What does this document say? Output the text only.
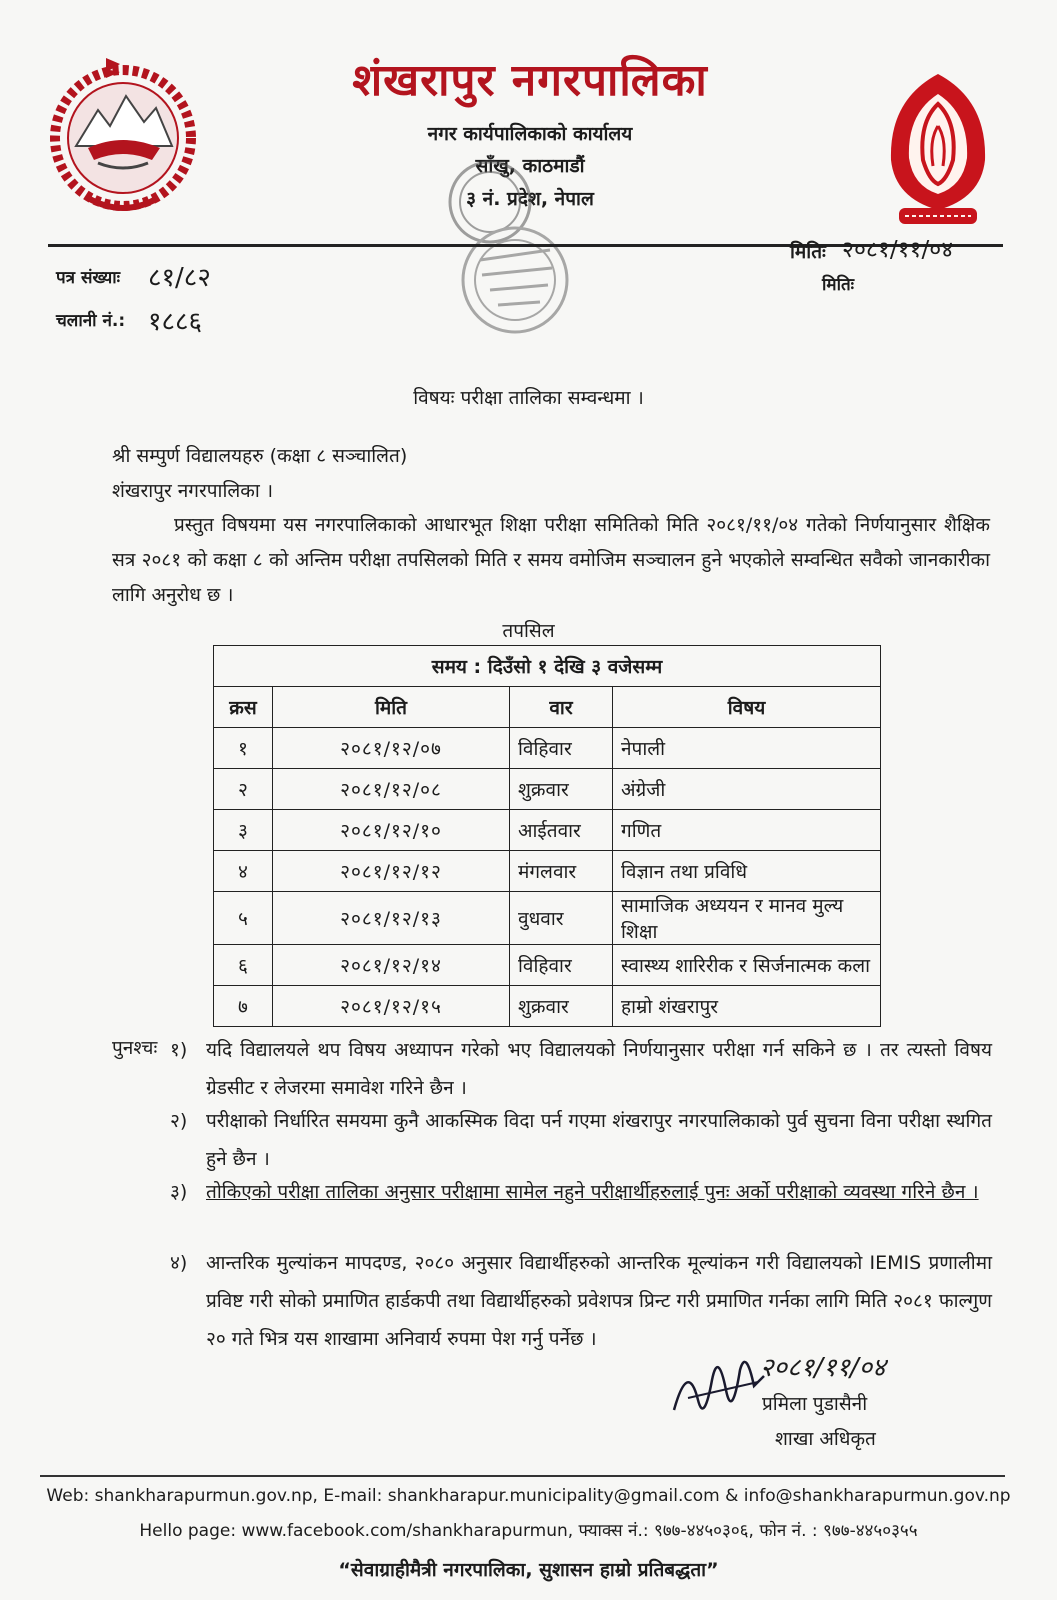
शंखरापुर नगरपालिका
नगर कार्यपालिकाको कार्यालय
साँखु, काठमाडौं
३ नं. प्रदेश, नेपाल
मितिः २०८१/११/०४
मितिः
पत्र संख्याः ८१/८२
चलानी नं.: १८८६
विषयः परीक्षा तालिका सम्वन्धमा ।
श्री सम्पुर्ण विद्यालयहरु (कक्षा ८ सञ्चालित)
शंखरापुर नगरपालिका ।
प्रस्तुत विषयमा यस नगरपालिकाको आधारभूत शिक्षा परीक्षा समितिको मिति २०८१/११/०४ गतेको निर्णयानुसार शैक्षिक सत्र २०८१ को कक्षा ८ को अन्तिम परीक्षा तपसिलको मिति र समय वमोजिम सञ्चालन हुने भएकोले सम्वन्धित सवैको जानकारीका लागि अनुरोध छ ।
तपसिल
समय : दिउँसो १ देखि ३ वजेसम्म			
क्रस	मिति	वार	विषय
१	२०८१/१२/०७	विहिवार	नेपाली
२	२०८१/१२/०८	शुक्रवार	अंग्रेजी
३	२०८१/१२/१०	आईतवार	गणित
४	२०८१/१२/१२	मंगलवार	विज्ञान तथा प्रविधि
५	२०८१/१२/१३	वुधवार	सामाजिक अध्ययन र मानव मुल्य शिक्षा
६	२०८१/१२/१४	विहिवार	स्वास्थ्य शारिरीक र सिर्जनात्मक कला
७	२०८१/१२/१५	शुक्रवार	हाम्रो शंखरापुर
पुनश्चः १) यदि विद्यालयले थप विषय अध्यापन गरेको भए विद्यालयको निर्णयानुसार परीक्षा गर्न सकिने छ । तर त्यस्तो विषय ग्रेडसीट र लेजरमा समावेश गरिने छैन ।
२) परीक्षाको निर्धारित समयमा कुनै आकस्मिक विदा पर्न गएमा शंखरापुर नगरपालिकाको पुर्व सुचना विना परीक्षा स्थगित हुने छैन ।
३) तोकिएको परीक्षा तालिका अनुसार परीक्षामा सामेल नहुने परीक्षार्थीहरुलाई पुनः अर्को परीक्षाको व्यवस्था गरिने छैन ।
४) आन्तरिक मुल्यांकन मापदण्ड, २०८० अनुसार विद्यार्थीहरुको आन्तरिक मूल्यांकन गरी विद्यालयको IEMIS प्रणालीमा प्रविष्ट गरी सोको प्रमाणित हार्डकपी तथा विद्यार्थीहरुको प्रवेशपत्र प्रिन्ट गरी प्रमाणित गर्नका लागि मिति २०८१ फाल्गुण २० गते भित्र यस शाखामा अनिवार्य रुपमा पेश गर्नु पर्नेछ ।
२०८१/११/०४
प्रमिला पुडासैनी
शाखा अधिकृत
Web: shankharapurmun.gov.np, E-mail: shankharapur.municipality@gmail.com & info@shankharapurmun.gov.np
Hello page: www.facebook.com/shankharapurmun, फ्याक्स नं.: ९७७-४४५०३०६, फोन नं. : ९७७-४४५०३५५
“सेवाग्राहीमैत्री नगरपालिका, सुशासन हाम्रो प्रतिबद्धता”
